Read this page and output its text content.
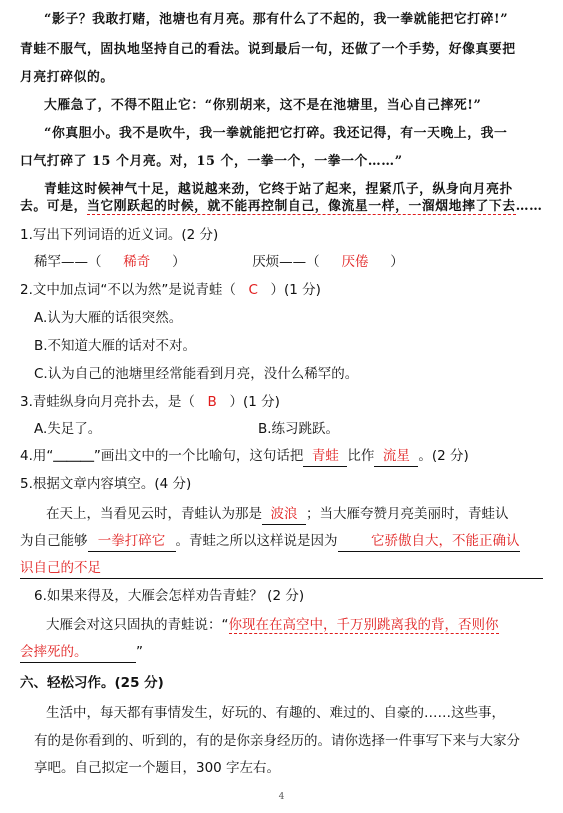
“影子？我敢打赌，池塘也有月亮。那有什么了不起的，我一拳就能把它打碎!”
青蛙不服气，固执地坚持自己的看法。说到最后一句，还做了一个手势，好像真要把
月亮打碎似的。
大雁急了，不得不阻止它：“你别胡来，这不是在池塘里，当心自己摔死!”
“你真胆小。我不是吹牛，我一拳就能把它打碎。我还记得，有一天晚上，我一
口气打碎了 15 个月亮。对，15 个，一拳一个，一拳一个……”
青蛙这时候神气十足，越说越来劲，它终于站了起来，捏紧爪子，纵身向月亮扑
去。可是，当它刚跃起的时候，就不能再控制自己，像流星一样，一溜烟地摔了下去……
1.写出下列词语的近义词。(2 分)
稀罕——（ 稀奇 ）	厌烦——（ 厌倦 ）
2.文中加点词“不以为然”是说青蛙（ C ）(1 分)
A.认为大雁的话很突然。
B.不知道大雁的话对不对。
C.认为自己的池塘里经常能看到月亮，没什么稀罕的。
3.青蛙纵身向月亮扑去，是（ B ）(1 分)
A.失足了。	B.练习跳跃。
4.用“＿＿＿”画出文中的一个比喻句，这句话把 青蛙 比作 流星 。(2 分)
5.根据文章内容填空。(4 分)
在天上，当看见云时，青蛙认为那是 波浪 ；当大雁夸赞月亮美丽时，青蛙认
为自己能够 一拳打碎它 。青蛙之所以这样说是因为 它骄傲自大，不能正确认
识自己的不足
6.如果来得及，大雁会怎样劝告青蛙？ (2 分)
大雁会对这只固执的青蛙说：“你现在在高空中，千万别跳离我的背，否则你
会摔死的。	”
六、轻松习作。(25 分)
生活中，每天都有事情发生，好玩的、有趣的、难过的、自豪的……这些事，
有的是你看到的、听到的，有的是你亲身经历的。请你选择一件事写下来与大家分
享吧。自己拟定一个题目，300 字左右。
4
